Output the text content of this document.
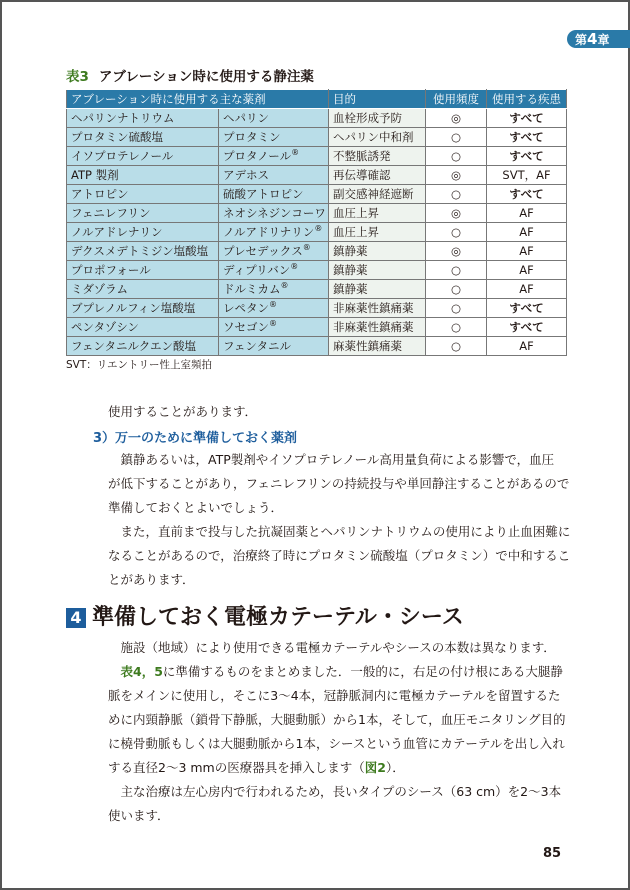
第4章
表3 アブレーション時に使用する静注薬
アブレーション時に使用する主な薬剤		目的	使用頻度	使用する疾患
ヘパリンナトリウム	ヘパリン	血栓形成予防	◎	すべて
プロタミン硫酸塩	プロタミン	ヘパリン中和剤	○	すべて
イソプロテレノール	プロタノール®	不整脈誘発	○	すべて
ATP 製剤	アデホス	再伝導確認	◎	SVT，AF
アトロピン	硫酸アトロピン	副交感神経遮断	○	すべて
フェニレフリン	ネオシネジンコーワ	血圧上昇	◎	AF
ノルアドレナリン	ノルアドリナリン®	血圧上昇	○	AF
デクスメデトミジン塩酸塩	プレセデックス®	鎮静薬	◎	AF
プロポフォール	ディプリバン®	鎮静薬	○	AF
ミダゾラム	ドルミカム®	鎮静薬	○	AF
ブプレノルフィン塩酸塩	レペタン®	非麻薬性鎮痛薬	○	すべて
ペンタゾシン	ソセゴン®	非麻薬性鎮痛薬	○	すべて
フェンタニルクエン酸塩	フェンタニル	麻薬性鎮痛薬	○	AF
SVT：リエントリー性上室頻拍
使用することがあります．
3）万一のために準備しておく薬剤
　鎮静あるいは，ATP製剤やイソプロテレノール高用量負荷による影響で，血圧
が低下することがあり，フェニレフリンの持続投与や単回静注することがあるので
準備しておくとよいでしょう．
　また，直前まで投与した抗凝固薬とヘパリンナトリウムの使用により止血困難に
なることがあるので，治療終了時にプロタミン硫酸塩（プロタミン）で中和するこ
とがあります．
4 準備しておく電極カテーテル・シース
　施設（地域）により使用できる電極カテーテルやシースの本数は異なります．
　表4，5に準備するものをまとめました．一般的に，右足の付け根にある大腿静
脈をメインに使用し，そこに3～4本，冠静脈洞内に電極カテーテルを留置するた
めに内頸静脈（鎖骨下静脈，大腿動脈）から1本，そして，血圧モニタリング目的
に橈骨動脈もしくは大腿動脈から1本，シースという血管にカテーテルを出し入れ
する直径2～3 mmの医療器具を挿入します（図2）．
　主な治療は左心房内で行われるため，長いタイプのシース（63 cm）を2～3本
使います．
85
